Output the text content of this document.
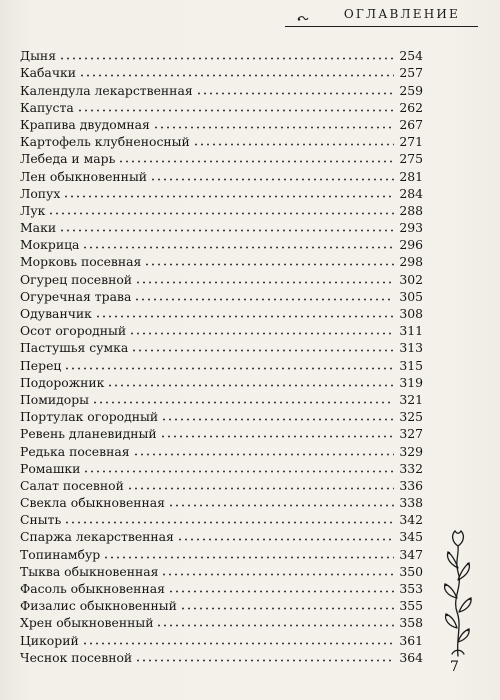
ОГЛАВЛЕНИЕ
Дыня	254
Кабачки	257
Календула лекарственная	259
Капуста	262
Крапива двудомная	267
Картофель клубненосный	271
Лебеда и марь	275
Лен обыкновенный	281
Лопух	284
Лук	288
Маки	293
Мокрица	296
Морковь посевная	298
Огурец посевной	302
Огуречная трава	305
Одуванчик	308
Осот огородный	311
Пастушья сумка	313
Перец	315
Подорожник	319
Помидоры	321
Портулак огородный	325
Ревень длaневидный	327
Редька посевная	329
Ромашки	332
Салат посевной	336
Свекла обыкновенная	338
Сныть	342
Спаржа лекарственная	345
Топинамбур	347
Тыква обыкновенная	350
Фасоль обыкновенная	353
Физалис обыкновенный	355
Хрен обыкновенный	358
Цикорий	361
Чеснок посевной	364
7
